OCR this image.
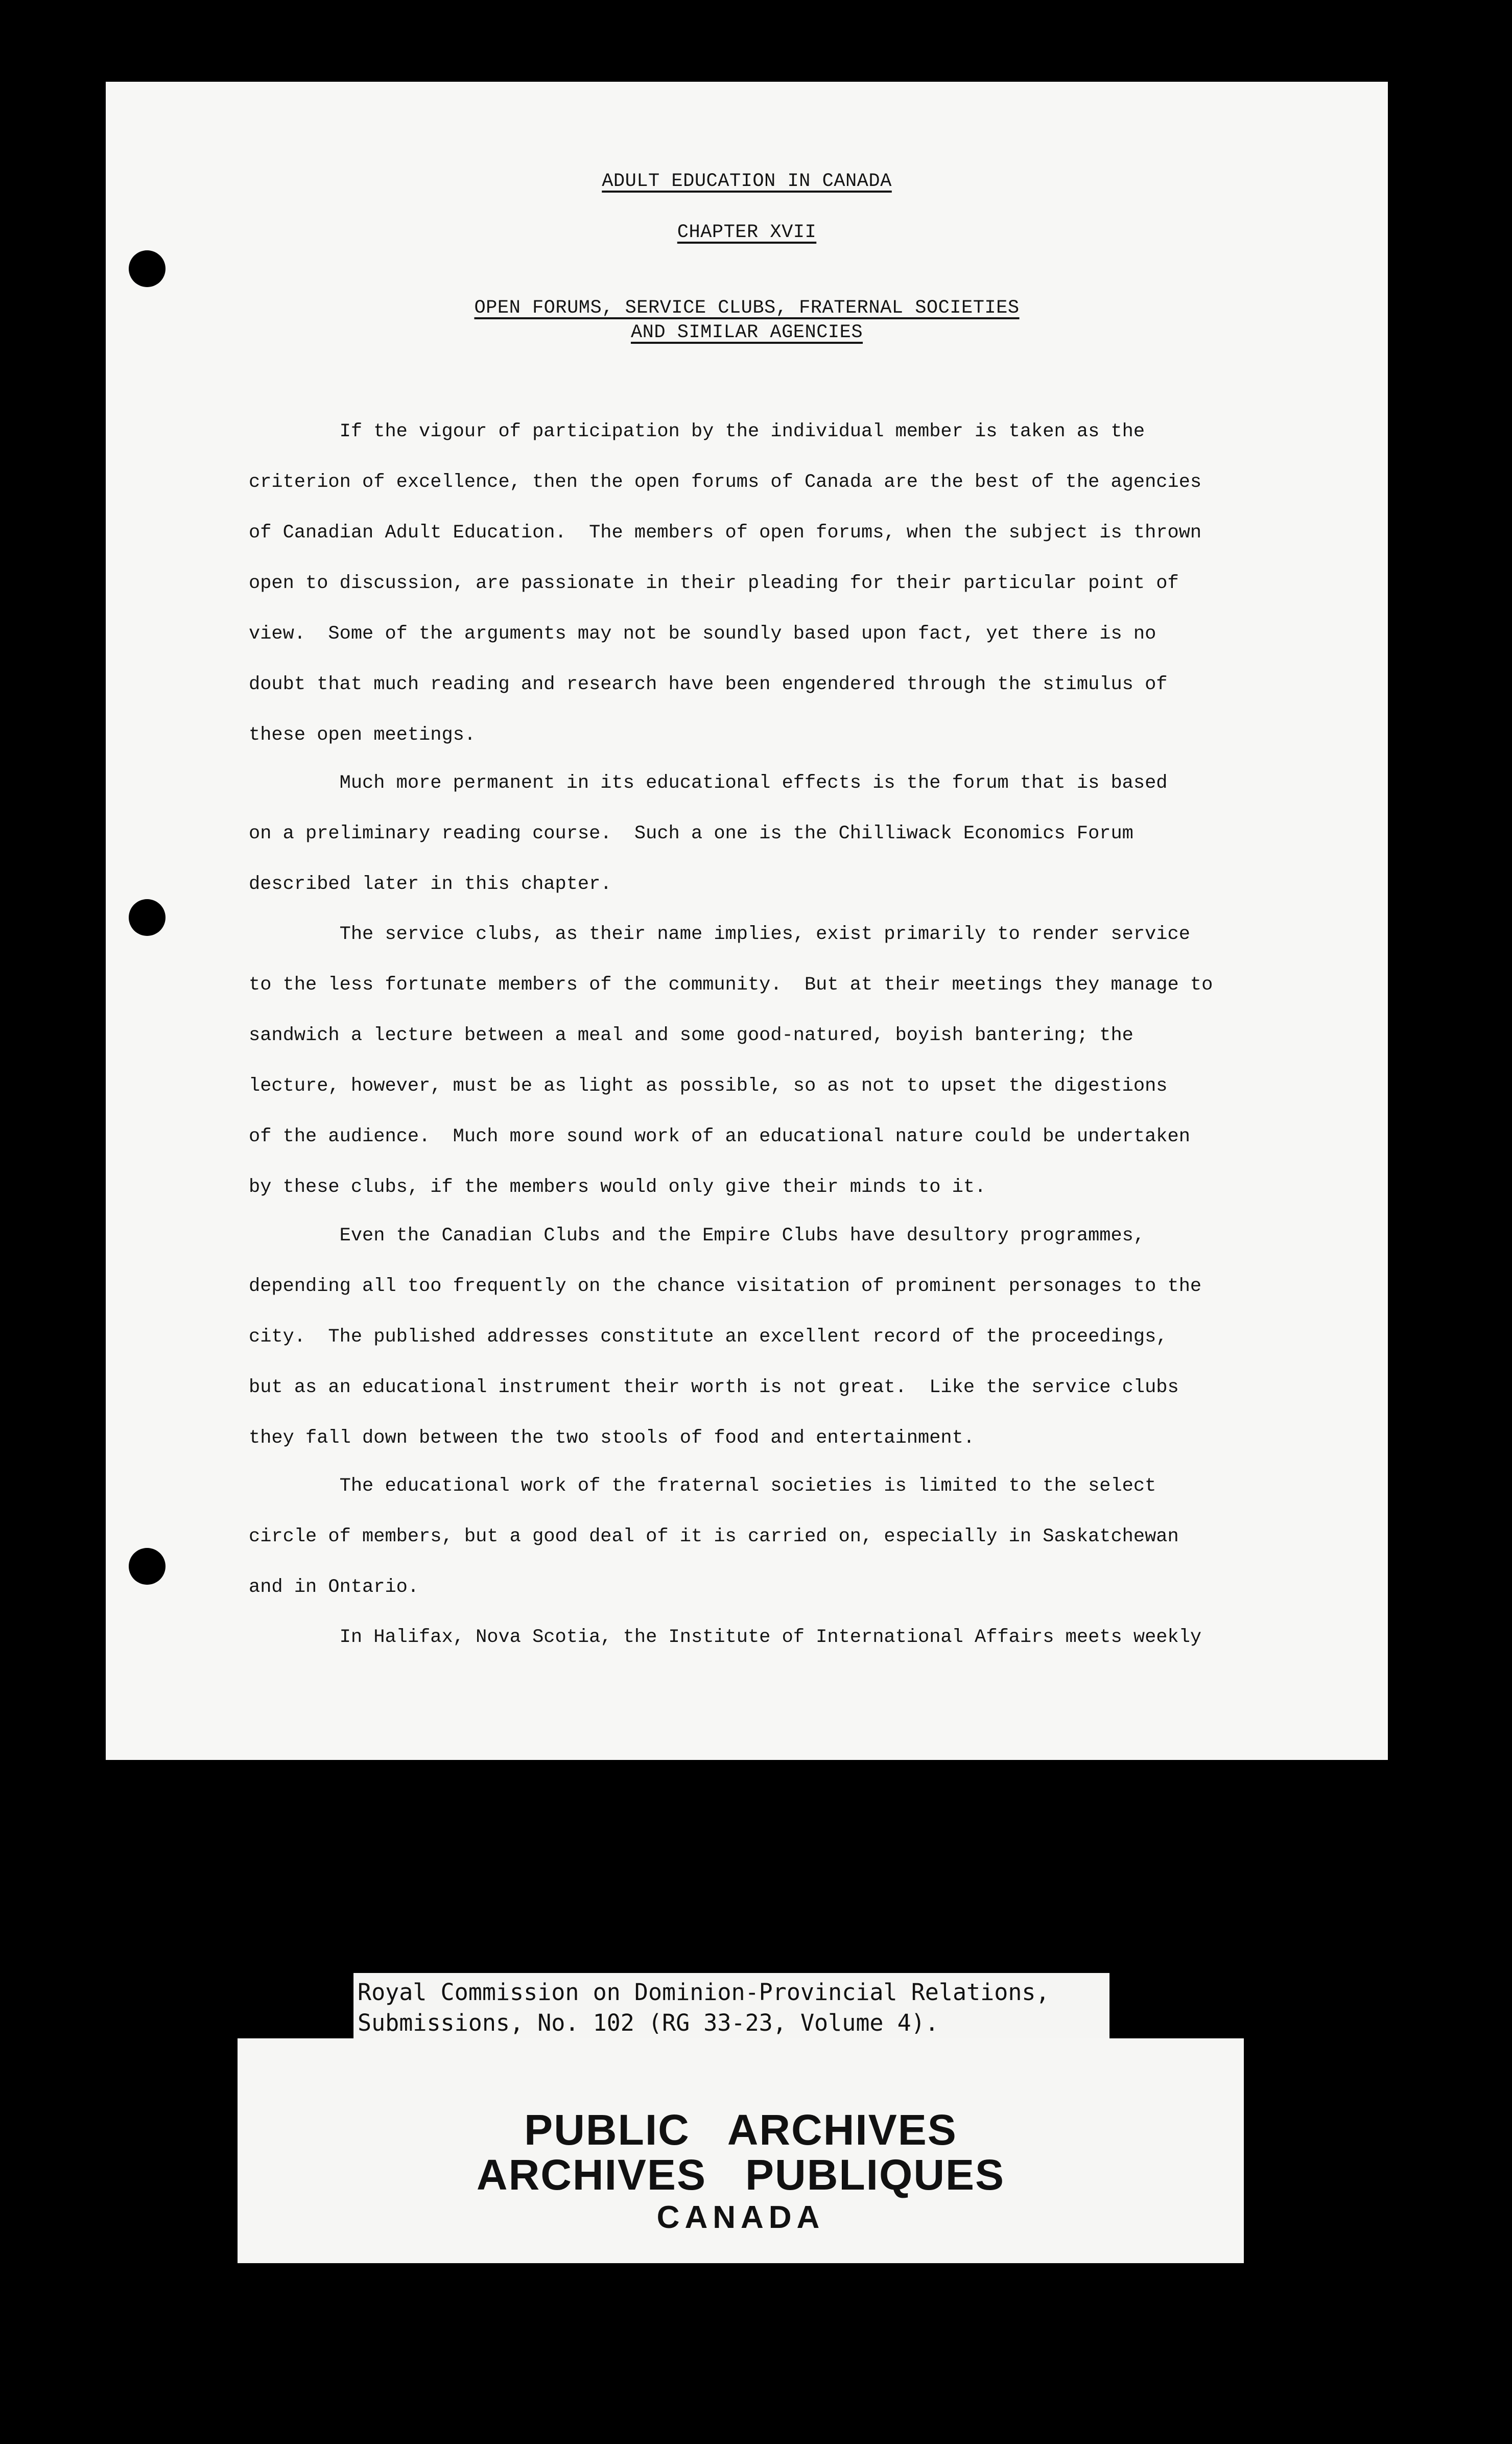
ADULT EDUCATION IN CANADA
CHAPTER XVII
OPEN FORUMS, SERVICE CLUBS, FRATERNAL SOCIETIES
AND SIMILAR AGENCIES

If the vigour of participation by the individual member is taken as the
criterion of excellence, then the open forums of Canada are the best of the agencies
of Canadian Adult Education.  The members of open forums, when the subject is thrown
open to discussion, are passionate in their pleading for their particular point of
view.  Some of the arguments may not be soundly based upon fact, yet there is no
doubt that much reading and research have been engendered through the stimulus of
these open meetings.

Much more permanent in its educational effects is the forum that is based
on a preliminary reading course.  Such a one is the Chilliwack Economics Forum
described later in this chapter.

The service clubs, as their name implies, exist primarily to render service
to the less fortunate members of the community.  But at their meetings they manage to
sandwich a lecture between a meal and some good-natured, boyish bantering; the
lecture, however, must be as light as possible, so as not to upset the digestions
of the audience.  Much more sound work of an educational nature could be undertaken
by these clubs, if the members would only give their minds to it.

Even the Canadian Clubs and the Empire Clubs have desultory programmes,
depending all too frequently on the chance visitation of prominent personages to the
city.  The published addresses constitute an excellent record of the proceedings,
but as an educational instrument their worth is not great.  Like the service clubs
they fall down between the two stools of food and entertainment.

The educational work of the fraternal societies is limited to the select
circle of members, but a good deal of it is carried on, especially in Saskatchewan
and in Ontario.

In Halifax, Nova Scotia, the Institute of International Affairs meets weekly

Royal Commission on Dominion-Provincial Relations,
Submissions, No. 102 (RG 33-23, Volume 4).
PUBLIC   ARCHIVES
ARCHIVES   PUBLIQUES
CANADA
